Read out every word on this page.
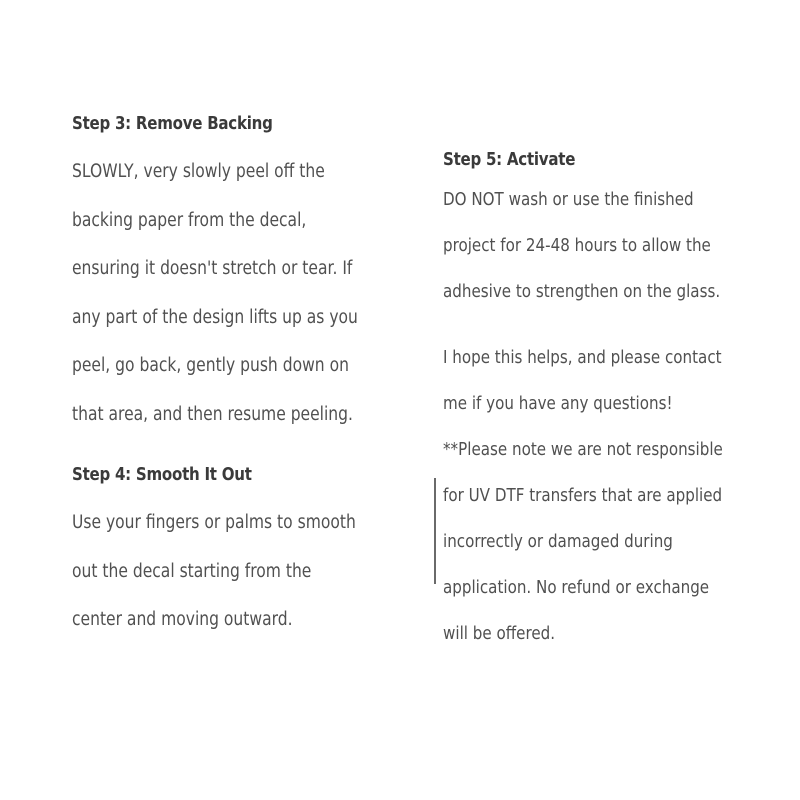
Step 3: Remove Backing

SLOWLY, very slowly peel off the

backing paper from the decal,

ensuring it doesn't stretch or tear. If

any part of the design lifts up as you

peel, go back, gently push down on

that area, and then resume peeling.

Step 4: Smooth It Out

Use your fingers or palms to smooth

out the decal starting from the

center and moving outward.

Step 5: Activate

DO NOT wash or use the finished

project for 24-48 hours to allow the

adhesive to strengthen on the glass.

I hope this helps, and please contact

me if you have any questions!

**Please note we are not responsible

for UV DTF transfers that are applied

incorrectly or damaged during

application. No refund or exchange

will be offered.
